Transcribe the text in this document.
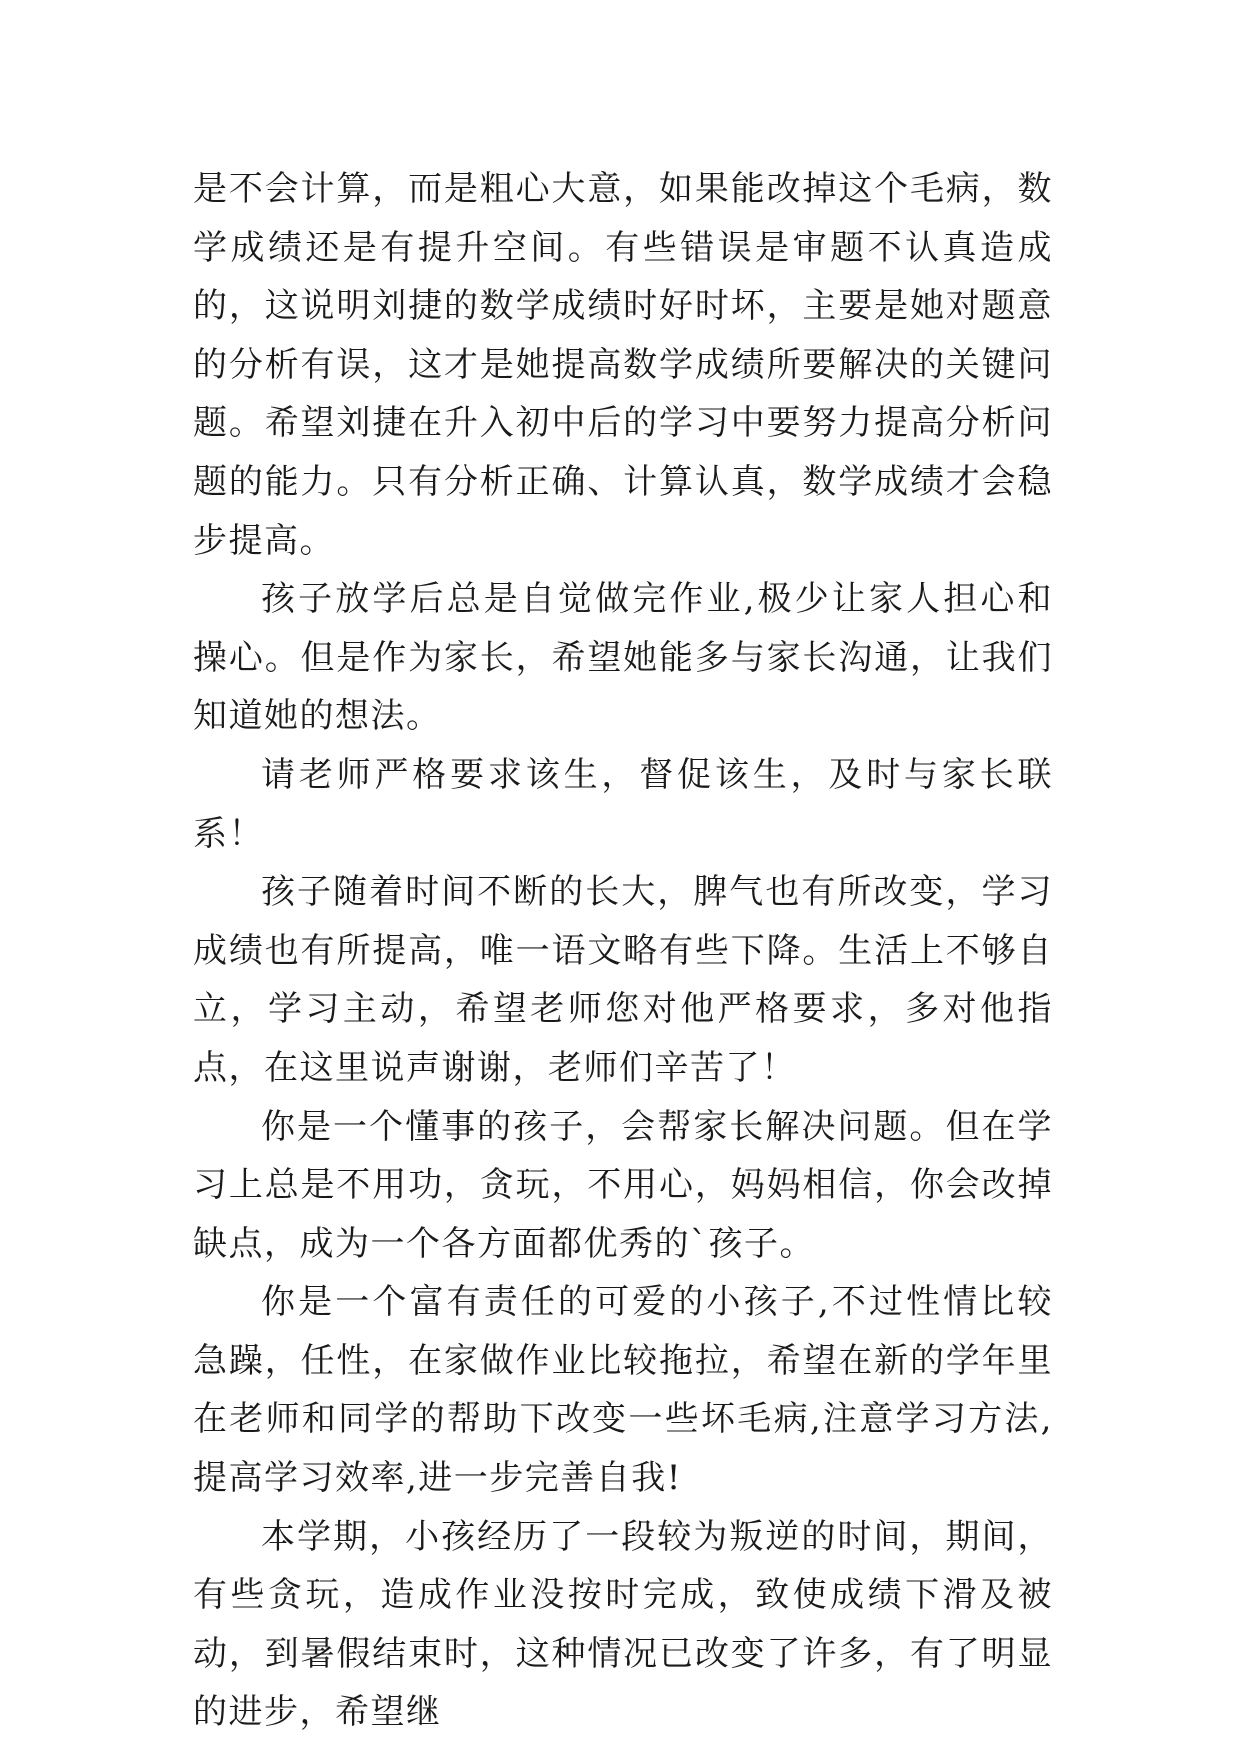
是不会计算，而是粗心大意，如果能改掉这个毛病，数学成绩还是有提升空间。有些错误是审题不认真造成的，这说明刘捷的数学成绩时好时坏，主要是她对题意的分析有误，这才是她提高数学成绩所要解决的关键问题。希望刘捷在升入初中后的学习中要努力提高分析问题的能力。只有分析正确、计算认真，数学成绩才会稳步提高。

孩子放学后总是自觉做完作业,极少让家人担心和操心。但是作为家长，希望她能多与家长沟通，让我们知道她的想法。

请老师严格要求该生，督促该生，及时与家长联系！

孩子随着时间不断的长大，脾气也有所改变，学习成绩也有所提高，唯一语文略有些下降。生活上不够自立，学习主动，希望老师您对他严格要求，多对他指点，在这里说声谢谢，老师们辛苦了！

你是一个懂事的孩子，会帮家长解决问题。但在学习上总是不用功，贪玩，不用心，妈妈相信，你会改掉缺点，成为一个各方面都优秀的`孩子。

你是一个富有责任的可爱的小孩子,不过性情比较急躁，任性，在家做作业比较拖拉，希望在新的学年里在老师和同学的帮助下改变一些坏毛病,注意学习方法,提高学习效率,进一步完善自我!

本学期，小孩经历了一段较为叛逆的时间，期间，有些贪玩，造成作业没按时完成，致使成绩下滑及被动，到暑假结束时，这种情况已改变了许多，有了明显的进步，希望继
